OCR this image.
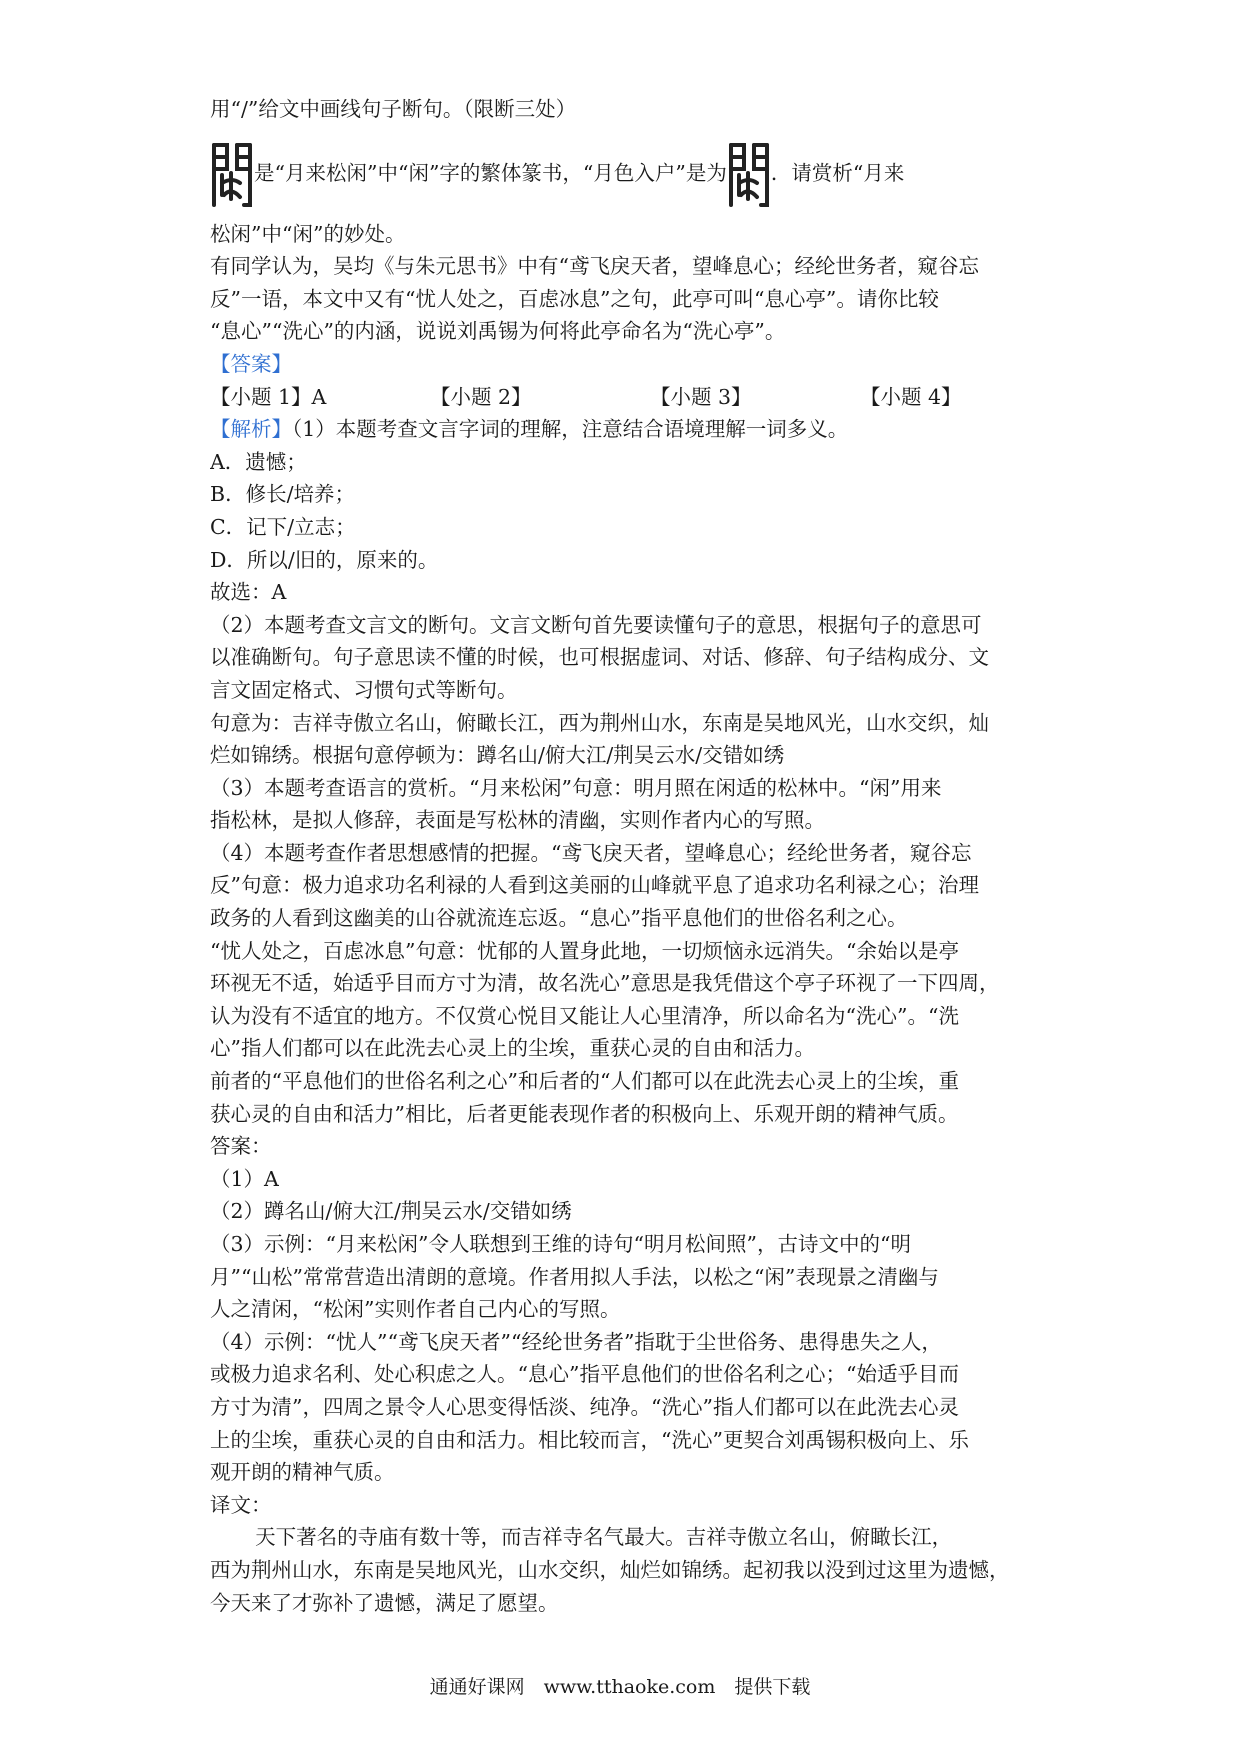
用“/”给文中画线句子断句。（限断三处）
是“月来松闲”中“闲”字的繁体篆书，“月色入户”是为 ．请赏析“月来
松闲”中“闲”的妙处。
有同学认为，吴均《与朱元思书》中有“鸢飞戾天者，望峰息心；经纶世务者，窥谷忘
反”一语，本文中又有“忧人处之，百虑冰息”之句，此亭可叫“息心亭”。请你比较
“息心”“洗心”的内涵，说说刘禹锡为何将此亭命名为“洗心亭”。
【答案】
【小题 1】A	【小题 2】	【小题 3】	【小题 4】
【解析】（1）本题考查文言字词的理解，注意结合语境理解一词多义。
A．遗憾；
B．修长/培养；
C．记下/立志；
D．所以/旧的，原来的。
故选：A
（2）本题考查文言文的断句。文言文断句首先要读懂句子的意思，根据句子的意思可
以准确断句。句子意思读不懂的时候，也可根据虚词、对话、修辞、句子结构成分、文
言文固定格式、习惯句式等断句。
句意为：吉祥寺傲立名山，俯瞰长江，西为荆州山水，东南是吴地风光，山水交织，灿
烂如锦绣。根据句意停顿为：蹲名山/俯大江/荆吴云水/交错如绣
（3）本题考查语言的赏析。“月来松闲”句意：明月照在闲适的松林中。“闲”用来
指松林，是拟人修辞，表面是写松林的清幽，实则作者内心的写照。
（4）本题考查作者思想感情的把握。“鸢飞戾天者，望峰息心；经纶世务者，窥谷忘
反”句意：极力追求功名利禄的人看到这美丽的山峰就平息了追求功名利禄之心；治理
政务的人看到这幽美的山谷就流连忘返。“息心”指平息他们的世俗名利之心。
“忧人处之，百虑冰息”句意：忧郁的人置身此地，一切烦恼永远消失。“余始以是亭
环视无不适，始适乎目而方寸为清，故名洗心”意思是我凭借这个亭子环视了一下四周，
认为没有不适宜的地方。不仅赏心悦目又能让人心里清净，所以命名为“洗心”。“洗
心”指人们都可以在此洗去心灵上的尘埃，重获心灵的自由和活力。
前者的“平息他们的世俗名利之心”和后者的“人们都可以在此洗去心灵上的尘埃，重
获心灵的自由和活力”相比，后者更能表现作者的积极向上、乐观开朗的精神气质。
答案：
（1）A
（2）蹲名山/俯大江/荆吴云水/交错如绣
（3）示例：“月来松闲”令人联想到王维的诗句“明月松间照”，古诗文中的“明
月”“山松”常常营造出清朗的意境。作者用拟人手法，以松之“闲”表现景之清幽与
人之清闲，“松闲”实则作者自己内心的写照。
（4）示例：“忧人”“鸢飞戾天者”“经纶世务者”指耽于尘世俗务、患得患失之人，
或极力追求名利、处心积虑之人。“息心”指平息他们的世俗名利之心；“始适乎目而
方寸为清”，四周之景令人心思变得恬淡、纯净。“洗心”指人们都可以在此洗去心灵
上的尘埃，重获心灵的自由和活力。相比较而言，“洗心”更契合刘禹锡积极向上、乐
观开朗的精神气质。
译文：
天下著名的寺庙有数十等，而吉祥寺名气最大。吉祥寺傲立名山，俯瞰长江，
西为荆州山水，东南是吴地风光，山水交织，灿烂如锦绣。起初我以没到过这里为遗憾，
今天来了才弥补了遗憾，满足了愿望。
通通好课网　www.tthaoke.com　提供下载
